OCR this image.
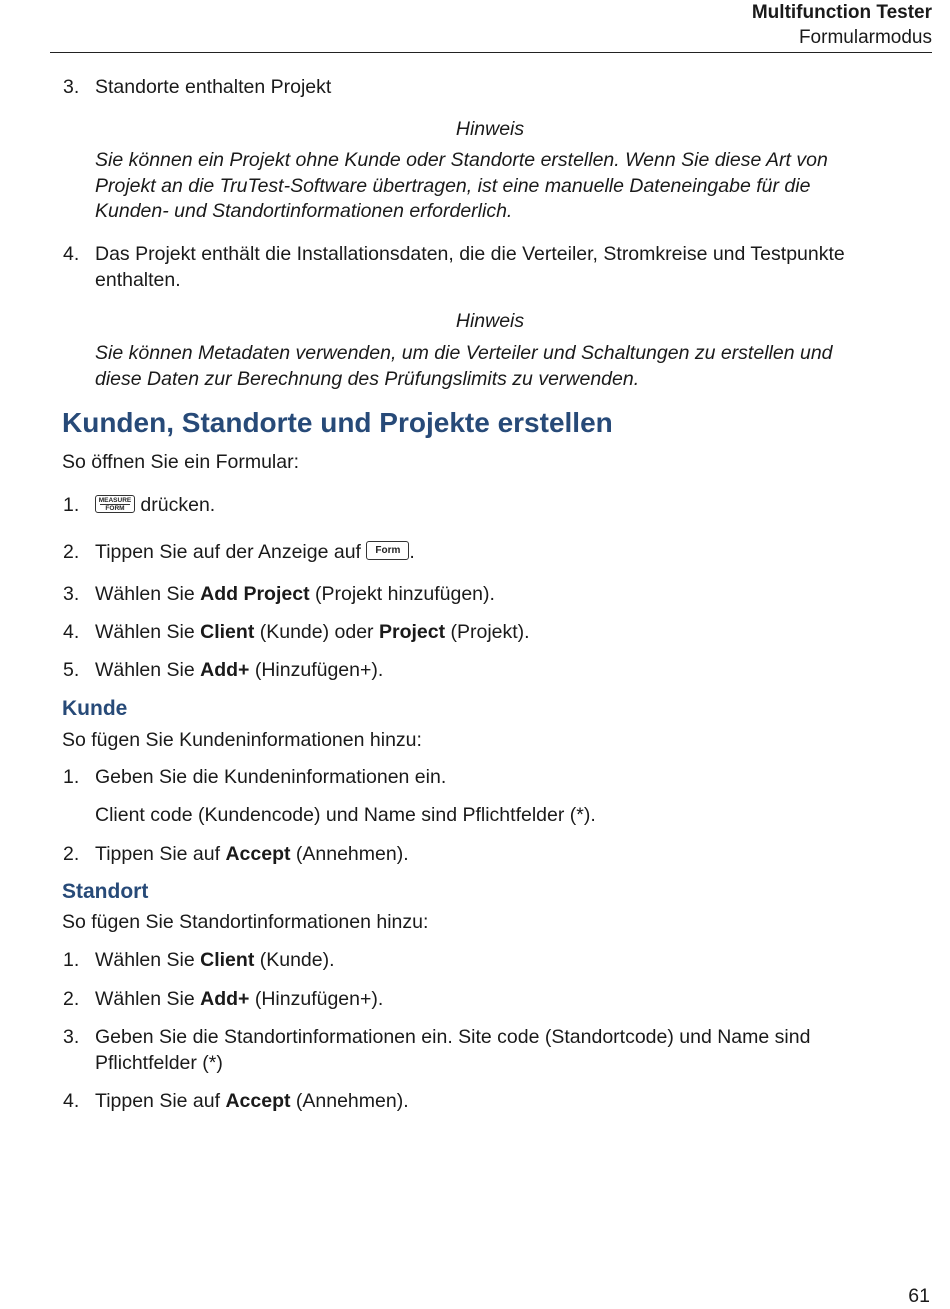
Multifunction Tester
Formularmodus
3. Standorte enthalten Projekt
Hinweis
Sie können ein Projekt ohne Kunde oder Standorte erstellen. Wenn Sie diese Art von
Projekt an die TruTest-Software übertragen, ist eine manuelle Dateneingabe für die
Kunden- und Standortinformationen erforderlich.
4. Das Projekt enthält die Installationsdaten, die die Verteiler, Stromkreise und Testpunkte
enthalten.
Hinweis
Sie können Metadaten verwenden, um die Verteiler und Schaltungen zu erstellen und
diese Daten zur Berechnung des Prüfungslimits zu verwenden.
Kunden, Standorte und Projekte erstellen
So öffnen Sie ein Formular:
1.	MEASURE
FORM drücken.
2. Tippen Sie auf der Anzeige auf Form .
3. Wählen Sie Add Project (Projekt hinzufügen).
4. Wählen Sie Client (Kunde) oder Project (Projekt).
5. Wählen Sie Add+ (Hinzufügen+).
Kunde
So fügen Sie Kundeninformationen hinzu:
1. Geben Sie die Kundeninformationen ein.
Client code (Kundencode) und Name sind Pflichtfelder (*).
2. Tippen Sie auf Accept (Annehmen).
Standort
So fügen Sie Standortinformationen hinzu:
1. Wählen Sie Client (Kunde).
2. Wählen Sie Add+ (Hinzufügen+).
3. Geben Sie die Standortinformationen ein. Site code (Standortcode) und Name sind
Pflichtfelder (*)
4. Tippen Sie auf Accept (Annehmen).
61
